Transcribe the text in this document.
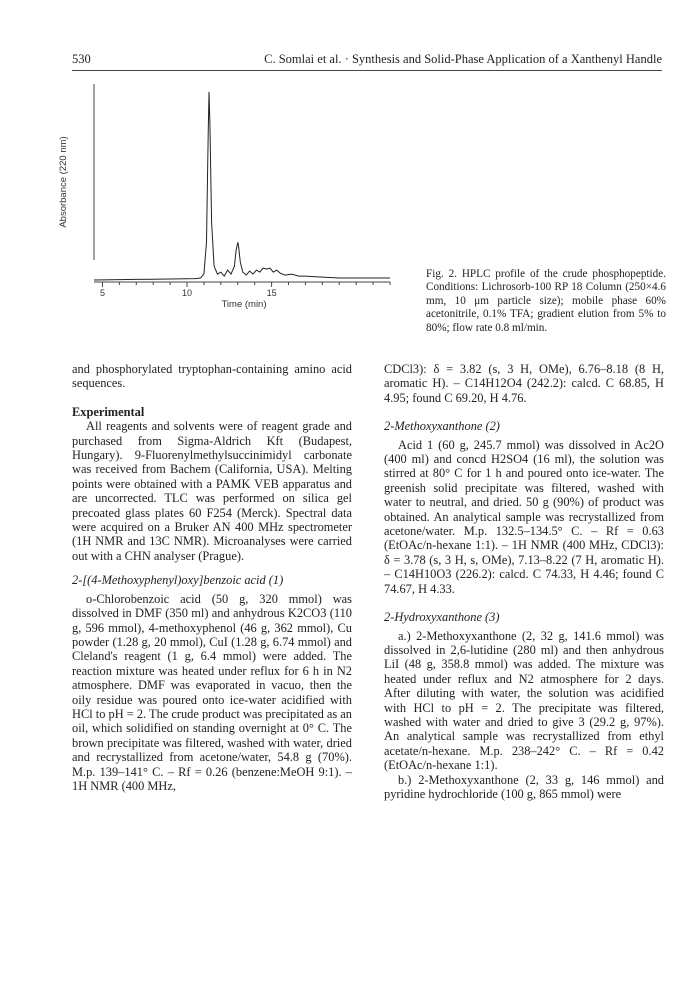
530	C. Somlai et al. · Synthesis and Solid-Phase Application of a Xanthenyl Handle
5	10	15
Time (min)
Absorbance (220 nm)
Fig. 2. HPLC profile of the crude phosphopeptide. Conditions: Lichrosorb-100 RP 18 Column (250×4.6 mm, 10 μm particle size); mobile phase 60% acetonitrile, 0.1% TFA; gradient elution from 5% to 80%; flow rate 0.8 ml/min.

and phosphorylated tryptophan-containing amino acid sequences.

Experimental

All reagents and solvents were of reagent grade and purchased from Sigma-Aldrich Kft (Budapest, Hungary). 9-Fluorenylmethylsuccinimidyl carbonate was received from Bachem (California, USA). Melting points were obtained with a PAMK VEB apparatus and are uncorrected. TLC was performed on silica gel precoated glass plates 60 F254 (Merck). Spectral data were acquired on a Bruker AN 400 MHz spectrometer (1H NMR and 13C NMR). Microanalyses were carried out with a CHN analyser (Prague).

2-[(4-Methoxyphenyl)oxy]benzoic acid (1)

o-Chlorobenzoic acid (50 g, 320 mmol) was dissolved in DMF (350 ml) and anhydrous K2CO3 (110 g, 596 mmol), 4-methoxyphenol (46 g, 362 mmol), Cu powder (1.28 g, 20 mmol), CuI (1.28 g, 6.74 mmol) and Cleland's reagent (1 g, 6.4 mmol) were added. The reaction mixture was heated under reflux for 6 h in N2 atmosphere. DMF was evaporated in vacuo, then the oily residue was poured onto ice-water acidified with HCl to pH = 2. The crude product was precipitated as an oil, which solidified on standing overnight at 0° C. The brown precipitate was filtered, washed with water, dried and recrystallized from acetone/water, 54.8 g (70%). M.p. 139–141° C. – Rf = 0.26 (benzene:MeOH 9:1). – 1H NMR (400 MHz,

CDCl3): δ = 3.82 (s, 3 H, OMe), 6.76–8.18 (8 H, aromatic H). – C14H12O4 (242.2): calcd. C 68.85, H 4.95; found C 69.20, H 4.76.

2-Methoxyxanthone (2)

Acid 1 (60 g, 245.7 mmol) was dissolved in Ac2O (400 ml) and concd H2SO4 (16 ml), the solution was stirred at 80° C for 1 h and poured onto ice-water. The greenish solid precipitate was filtered, washed with water to neutral, and dried. 50 g (90%) of product was obtained. An analytical sample was recrystallized from acetone/water. M.p. 132.5–134.5° C. – Rf = 0.63 (EtOAc/n-hexane 1:1). – 1H NMR (400 MHz, CDCl3): δ = 3.78 (s, 3 H, s, OMe), 7.13–8.22 (7 H, aromatic H). – C14H10O3 (226.2): calcd. C 74.33, H 4.46; found C 74.67, H 4.33.

2-Hydroxyxanthone (3)

a.) 2-Methoxyxanthone (2, 32 g, 141.6 mmol) was dissolved in 2,6-lutidine (280 ml) and then anhydrous LiI (48 g, 358.8 mmol) was added. The mixture was heated under reflux and N2 atmosphere for 2 days. After diluting with water, the solution was acidified with HCl to pH = 2. The precipitate was filtered, washed with water and dried to give 3 (29.2 g, 97%). An analytical sample was recrystallized from ethyl acetate/n-hexane. M.p. 238–242° C. – Rf = 0.42 (EtOAc/n-hexane 1:1).

b.) 2-Methoxyxanthone (2, 33 g, 146 mmol) and pyridine hydrochloride (100 g, 865 mmol) were
